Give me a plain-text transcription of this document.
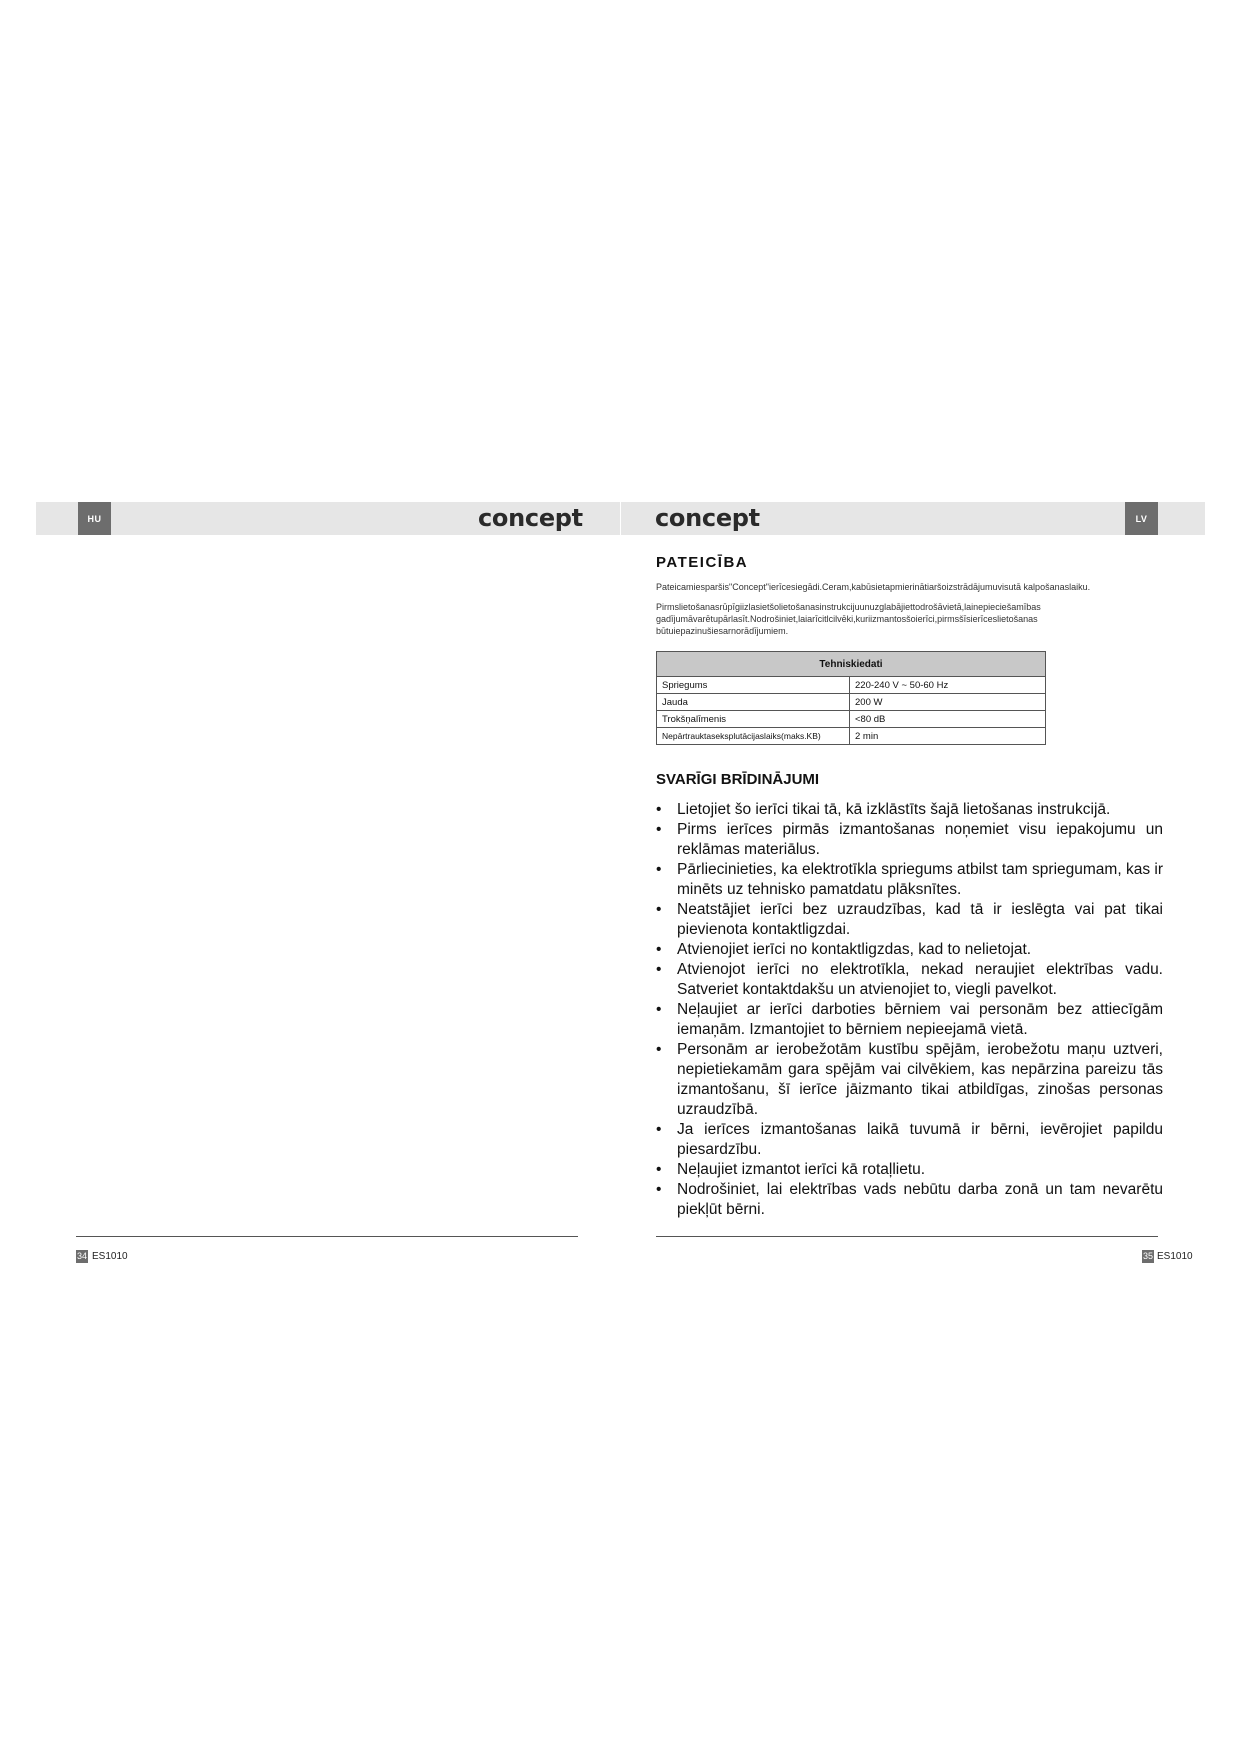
HU	LV
concept	concept
PATEICĪBA

Pateicamiesparšis"Concept"ierīcesiegādi.Ceram,kabūsietapmierinātiaršoizstrādājumuvisutā kalpošanaslaiku.

Pirmslietošanasrūpīgiizlasietšolietošanasinstrukcijuunuzglabājiettodrošāvietā,lainepieciešamības gadījumāvarētupārlasīt.Nodrošiniet,laiarīcitlcilvēki,kuriizmantosšoierīci,pirmsšīsierīceslietošanas būtuiepazinušiesarnorādījumiem.

Tehniskiedati	
Spriegums	220-240 V ~ 50-60 Hz
Jauda	200 W
Trokšņalīmenis	<80 dB
Nepārtrauktaseksplutācijaslaiks(maks.KB)	2 min
SVARĪGI BRĪDINĀJUMI
• Lietojiet šo ierīci tikai tā, kā izklāstīts šajā lietošanas instrukcijā.
• Pirms ierīces pirmās izmantošanas noņemiet visu iepakojumu un reklāmas materiālus.
• Pārliecinieties, ka elektrotīkla spriegums atbilst tam spriegumam, kas ir minēts uz tehnisko pamatdatu plāksnītes.
• Neatstājiet ierīci bez uzraudzības, kad tā ir ieslēgta vai pat tikai pievienota kontaktligzdai.
• Atvienojiet ierīci no kontaktligzdas, kad to nelietojat.
• Atvienojot ierīci no elektrotīkla, nekad neraujiet elektrības vadu. Satveriet kontaktdakšu un atvienojiet to, viegli pavelkot.
• Neļaujiet ar ierīci darboties bērniem vai personām bez attiecīgām iemaņām. Izmantojiet to bērniem nepieejamā vietā.
• Personām ar ierobežotām kustību spējām, ierobežotu maņu uztveri, nepietiekamām gara spējām vai cilvēkiem, kas nepārzina pareizu tās izmantošanu, šī ierīce jāizmanto tikai atbildīgas, zinošas personas uzraudzībā.
• Ja ierīces izmantošanas laikā tuvumā ir bērni, ievērojiet papildu piesardzību.
• Neļaujiet izmantot ierīci kā rotaļlietu.
• Nodrošiniet, lai elektrības vads nebūtu darba zonā un tam nevarētu piekļūt bērni.
34 ES1010	35 ES1010
